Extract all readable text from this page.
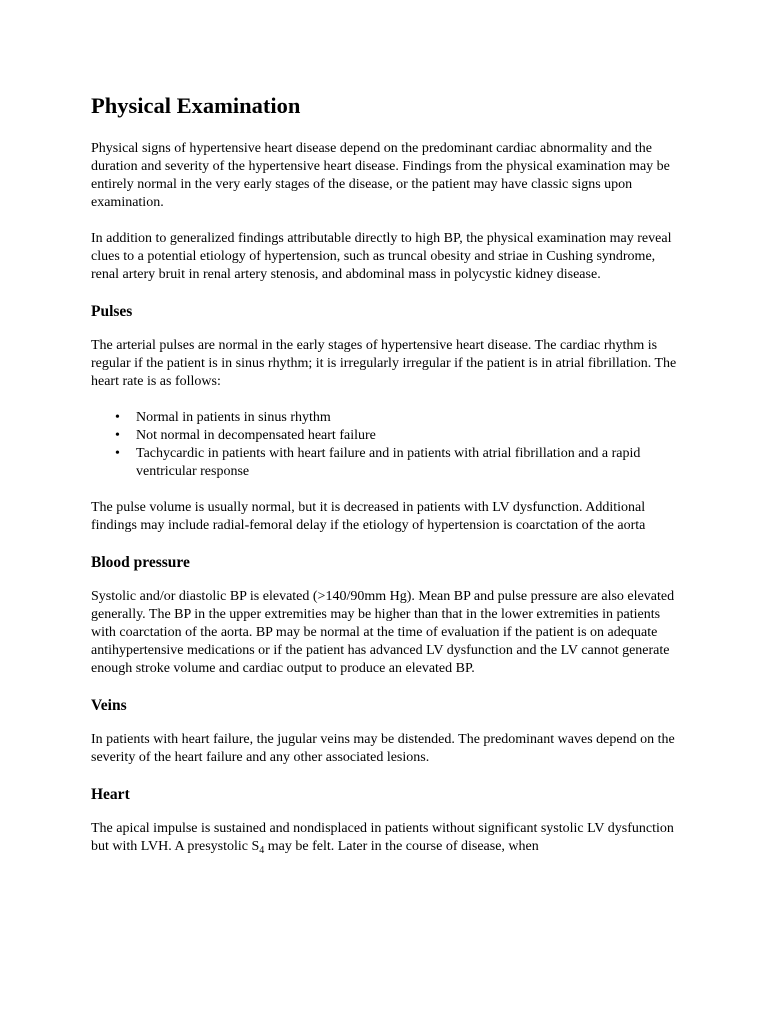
Physical Examination

Physical signs of hypertensive heart disease depend on the predominant cardiac abnormality and the duration and severity of the hypertensive heart disease. Findings from the physical examination may be entirely normal in the very early stages of the disease, or the patient may have classic signs upon examination.

In addition to generalized findings attributable directly to high BP, the physical examination may reveal clues to a potential etiology of hypertension, such as truncal obesity and striae in Cushing syndrome, renal artery bruit in renal artery stenosis, and abdominal mass in polycystic kidney disease.

Pulses

The arterial pulses are normal in the early stages of hypertensive heart disease. The cardiac rhythm is regular if the patient is in sinus rhythm; it is irregularly irregular if the patient is in atrial fibrillation. The heart rate is as follows:

• Normal in patients in sinus rhythm
• Not normal in decompensated heart failure
• Tachycardic in patients with heart failure and in patients with atrial fibrillation and a rapid ventricular response

The pulse volume is usually normal, but it is decreased in patients with LV dysfunction. Additional findings may include radial-femoral delay if the etiology of hypertension is coarctation of the aorta

Blood pressure

Systolic and/or diastolic BP is elevated (>140/90mm Hg). Mean BP and pulse pressure are also elevated generally. The BP in the upper extremities may be higher than that in the lower extremities in patients with coarctation of the aorta. BP may be normal at the time of evaluation if the patient is on adequate antihypertensive medications or if the patient has advanced LV dysfunction and the LV cannot generate enough stroke volume and cardiac output to produce an elevated BP.

Veins

In patients with heart failure, the jugular veins may be distended. The predominant waves depend on the severity of the heart failure and any other associated lesions.

Heart

The apical impulse is sustained and nondisplaced in patients without significant systolic LV dysfunction but with LVH. A presystolic $S_4$ may be felt. Later in the course of disease, when
